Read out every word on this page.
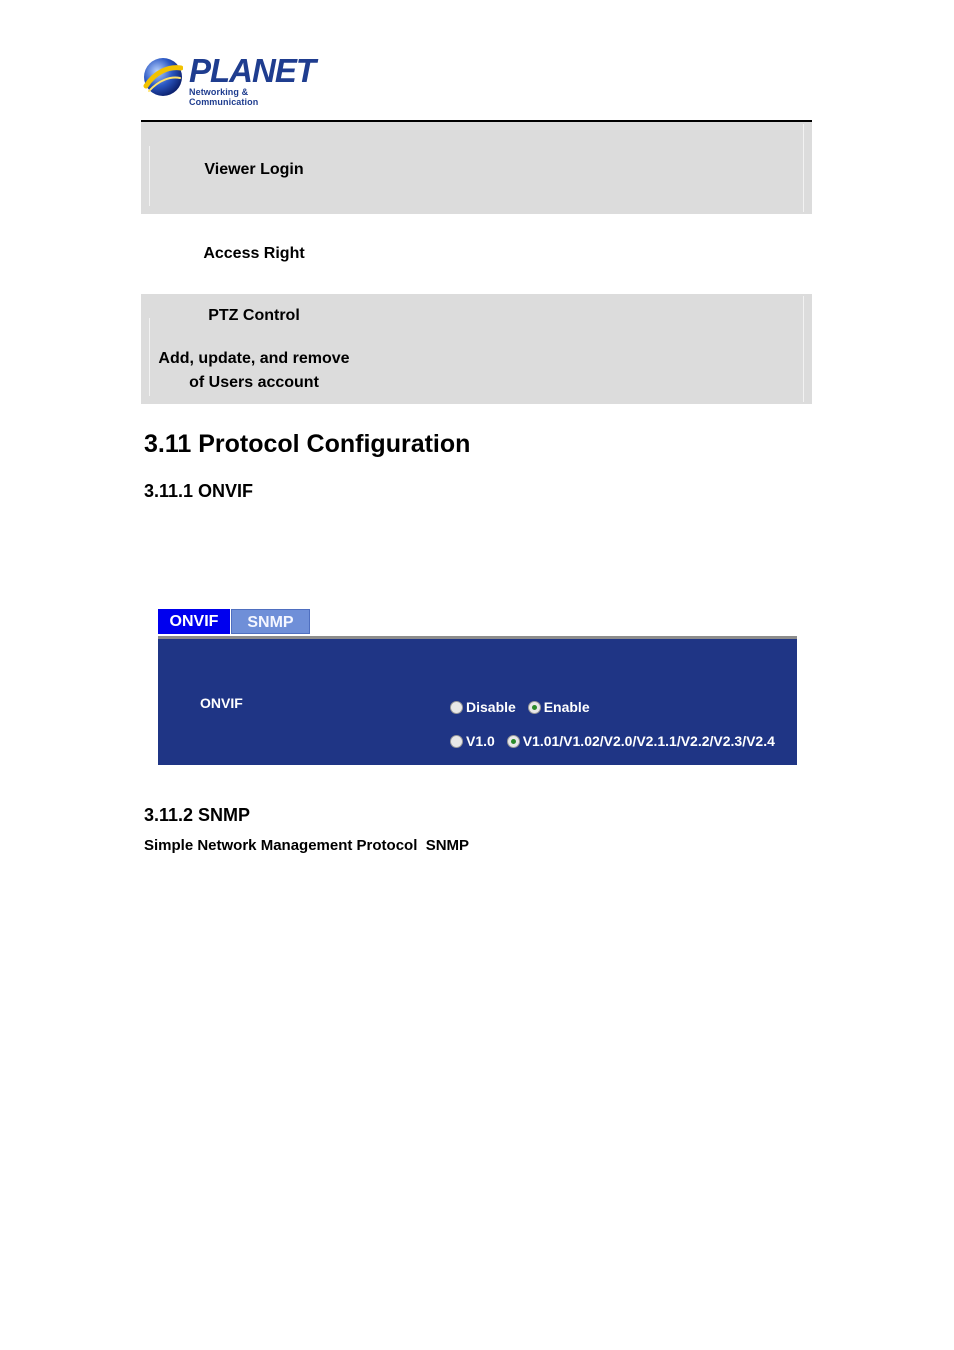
PLANET
Networking & Communication
Viewer Login
Access Right
PTZ Control
Add, update, and remove
of Users account
3.11 Protocol Configuration
3.11.1 ONVIF
ONVIF	SNMP
ONVIF	Disable Enable
V1.0 V1.01/V1.02/V2.0/V2.1.1/V2.2/V2.3/V2.4
3.11.2 SNMP
Simple Network Management Protocol  SNMP
